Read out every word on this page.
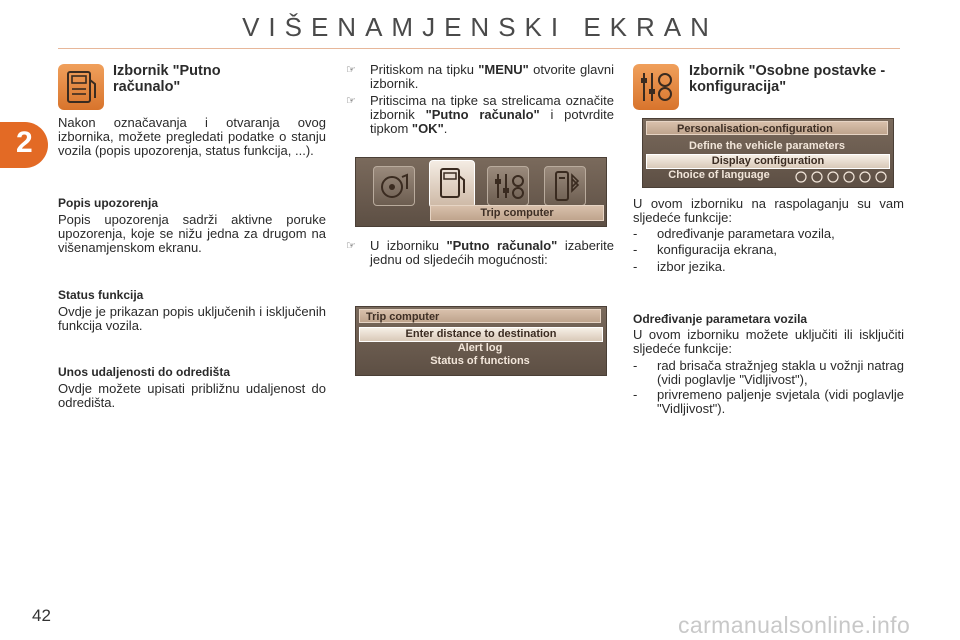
VIŠENAMJENSKI EKRAN
2
Izbornik "Putno računalo"

Nakon označavanja i otvaranja ovog izbornika, možete pregledati podatke o stanju vozila (popis upozorenja, status funkcija, ...).

Popis upozorenja

Popis upozorenja sadrži aktivne poruke upozorenja, koje se nižu jedna za drugom na višenamjenskom ekranu.

Status funkcija

Ovdje je prikazan popis uključenih i isključenih funkcija vozila.

Unos udaljenosti do odredišta

Ovdje možete upisati približnu udaljenost do odredišta.

☞	Pritiskom na tipku "MENU" otvorite glavni izbornik.
☞	Pritiscima na tipke sa strelicama označite izbornik "Putno računalo" i potvrdite tipkom "OK".
Trip computer
☞	U izborniku "Putno računalo" izaberite jednu od sljedećih mogućnosti:
Trip computer
Enter distance to destination
Alert log
Status of functions
Izbornik "Osobne postavke - konfiguracija"
Personalisation-configuration
Define the vehicle parameters
Display configuration
Choice of language

U ovom izborniku na raspolaganju su vam sljedeće funkcije:

-	određivanje parametara vozila,
-	konfiguracija ekrana,
-	izbor jezika.
Određivanje parametara vozila

U ovom izborniku možete uključiti ili isključiti sljedeće funkcije:

-	rad brisača stražnjeg stakla u vožnji natrag (vidi poglavlje "Vidljivost"),
-	privremeno paljenje svjetala (vidi poglavlje "Vidljivost").
42	carmanualsonline.info
